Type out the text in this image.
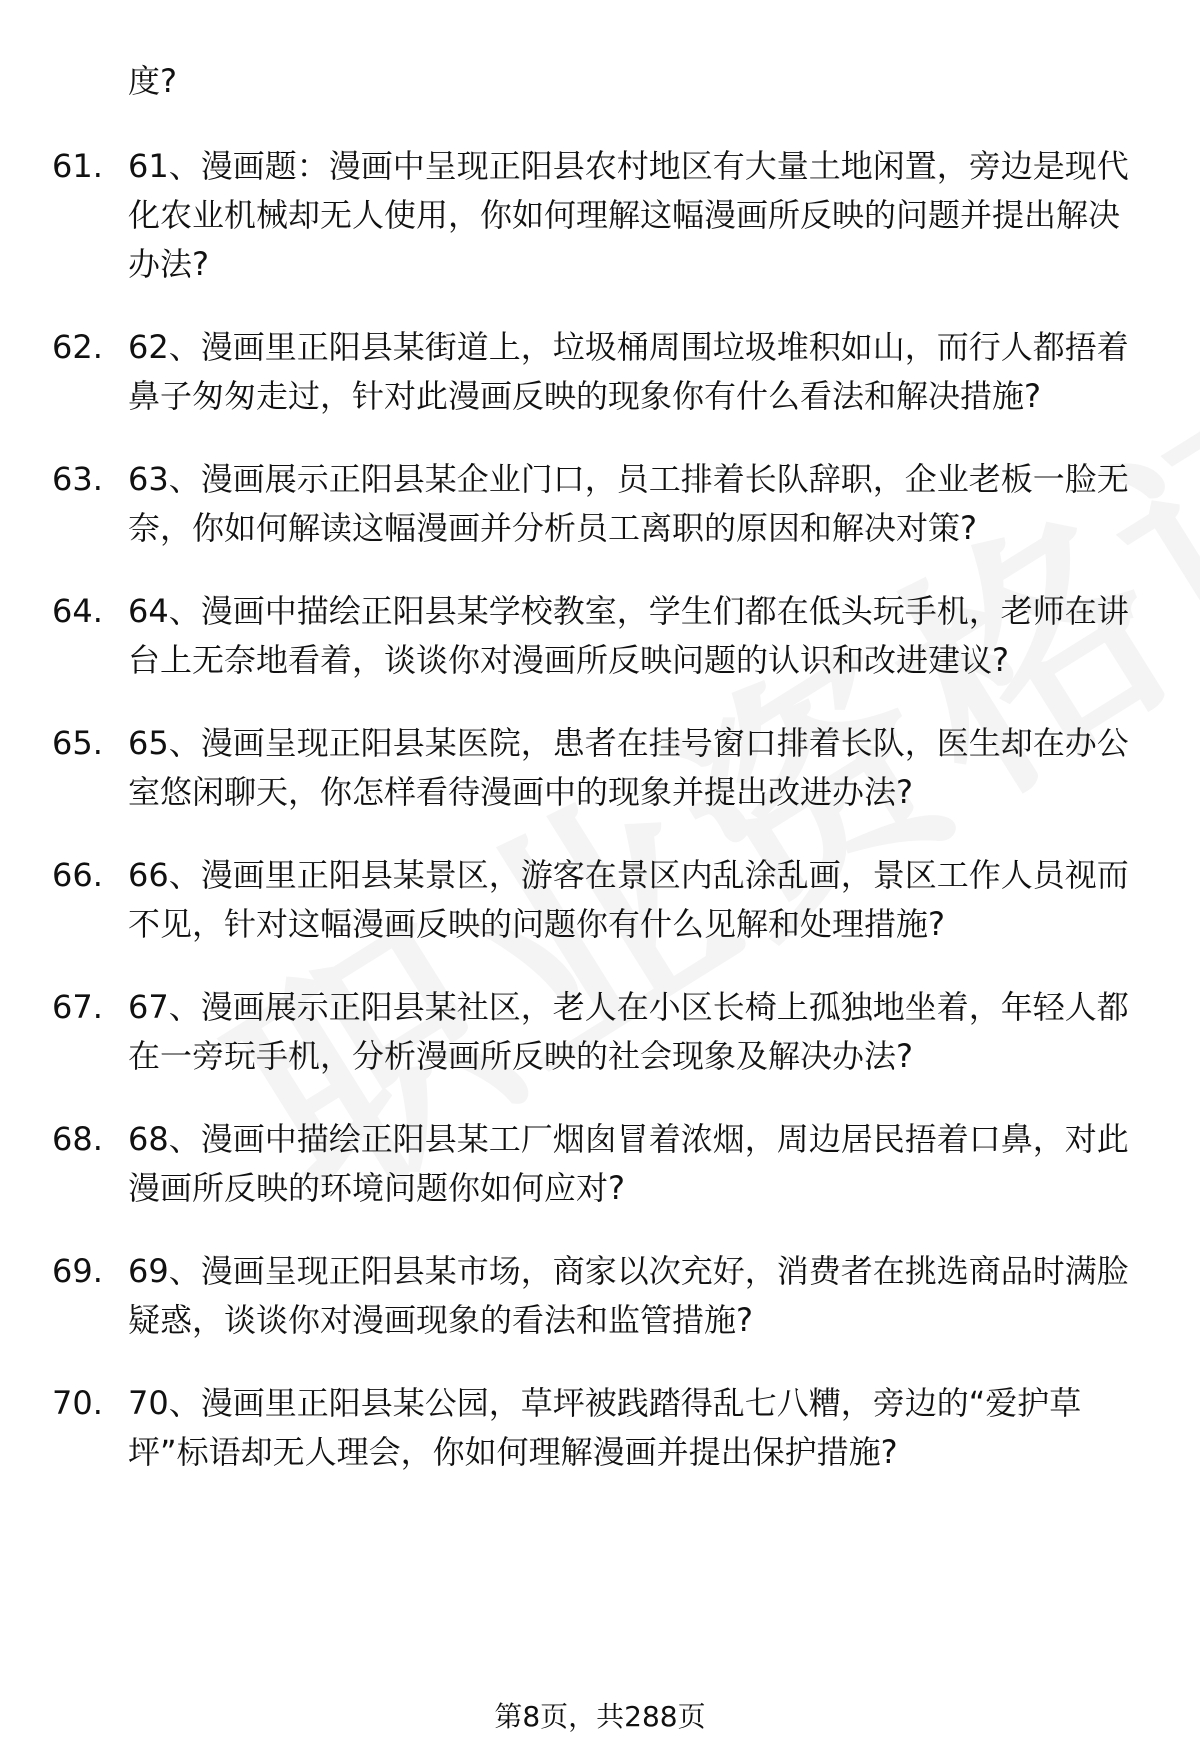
度?
61. 61、漫画题：漫画中呈现正阳县农村地区有大量土地闲置，旁边是现代化农业机械却无人使用，你如何理解这幅漫画所反映的问题并提出解决办法?
62. 62、漫画里正阳县某街道上，垃圾桶周围垃圾堆积如山，而行人都捂着鼻子匆匆走过，针对此漫画反映的现象你有什么看法和解决措施?
63. 63、漫画展示正阳县某企业门口，员工排着长队辞职，企业老板一脸无奈，你如何解读这幅漫画并分析员工离职的原因和解决对策?
64. 64、漫画中描绘正阳县某学校教室，学生们都在低头玩手机，老师在讲台上无奈地看着，谈谈你对漫画所反映问题的认识和改进建议?
65. 65、漫画呈现正阳县某医院，患者在挂号窗口排着长队，医生却在办公室悠闲聊天，你怎样看待漫画中的现象并提出改进办法?
66. 66、漫画里正阳县某景区，游客在景区内乱涂乱画，景区工作人员视而不见，针对这幅漫画反映的问题你有什么见解和处理措施?
67. 67、漫画展示正阳县某社区，老人在小区长椅上孤独地坐着，年轻人都在一旁玩手机，分析漫画所反映的社会现象及解决办法?
68. 68、漫画中描绘正阳县某工厂烟囱冒着浓烟，周边居民捂着口鼻，对此漫画所反映的环境问题你如何应对?
69. 69、漫画呈现正阳县某市场，商家以次充好，消费者在挑选商品时满脸疑惑，谈谈你对漫画现象的看法和监管措施?
70. 70、漫画里正阳县某公园，草坪被践踏得乱七八糟，旁边的“爱护草坪”标语却无人理会，你如何理解漫画并提出保护措施?
第8页，共288页
